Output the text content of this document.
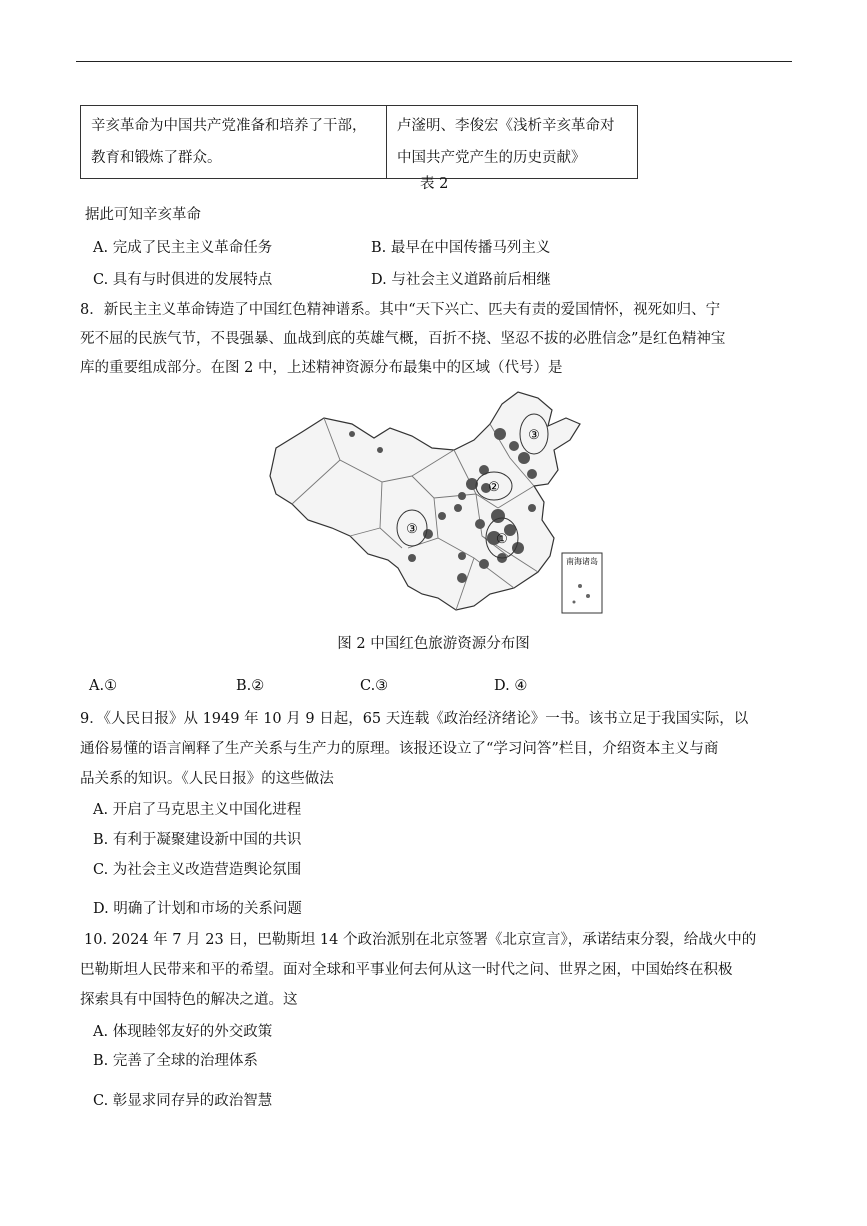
辛亥革命为中国共产党准备和培养了干部，
教育和锻炼了群众。

卢滏明、李俊宏《浅析辛亥革命对
中国共产党产生的历史贡献》
表 2
据此可知辛亥革命
A. 完成了民主主义革命任务	B. 最早在中国传播马列主义
C. 具有与时俱进的发展特点	D. 与社会主义道路前后相继
8．新民主主义革命铸造了中国红色精神谱系。其中“天下兴亡、匹夫有责的爱国情怀，视死如归、宁
死不屈的民族气节，不畏强暴、血战到底的英雄气概，百折不挠、坚忍不拔的必胜信念”是红色精神宝
库的重要组成部分。在图 2 中，上述精神资源分布最集中的区域（代号）是
③
②
③
①
南海诸岛
图 2 中国红色旅游资源分布图
A.①	B.②	C.③	D. ④
9．《人民日报》从 1949 年 10 月 9 日起，65 天连载《政治经济绪论》一书。该书立足于我国实际，以
通俗易懂的语言阐释了生产关系与生产力的原理。该报还设立了“学习问答”栏目，介绍资本主义与商
品关系的知识。《人民日报》的这些做法
A. 开启了马克思主义中国化进程
B. 有利于凝聚建设新中国的共识
C. 为社会主义改造营造舆论氛围
D. 明确了计划和市场的关系问题
10. 2024 年 7 月 23 日，巴勒斯坦 14 个政治派别在北京签署《北京宣言》，承诺结束分裂，给战火中的
巴勒斯坦人民带来和平的希望。面对全球和平事业何去何从这一时代之问、世界之困，中国始终在积极
探索具有中国特色的解决之道。这
A. 体现睦邻友好的外交政策
B. 完善了全球的治理体系
C. 彰显求同存异的政治智慧
